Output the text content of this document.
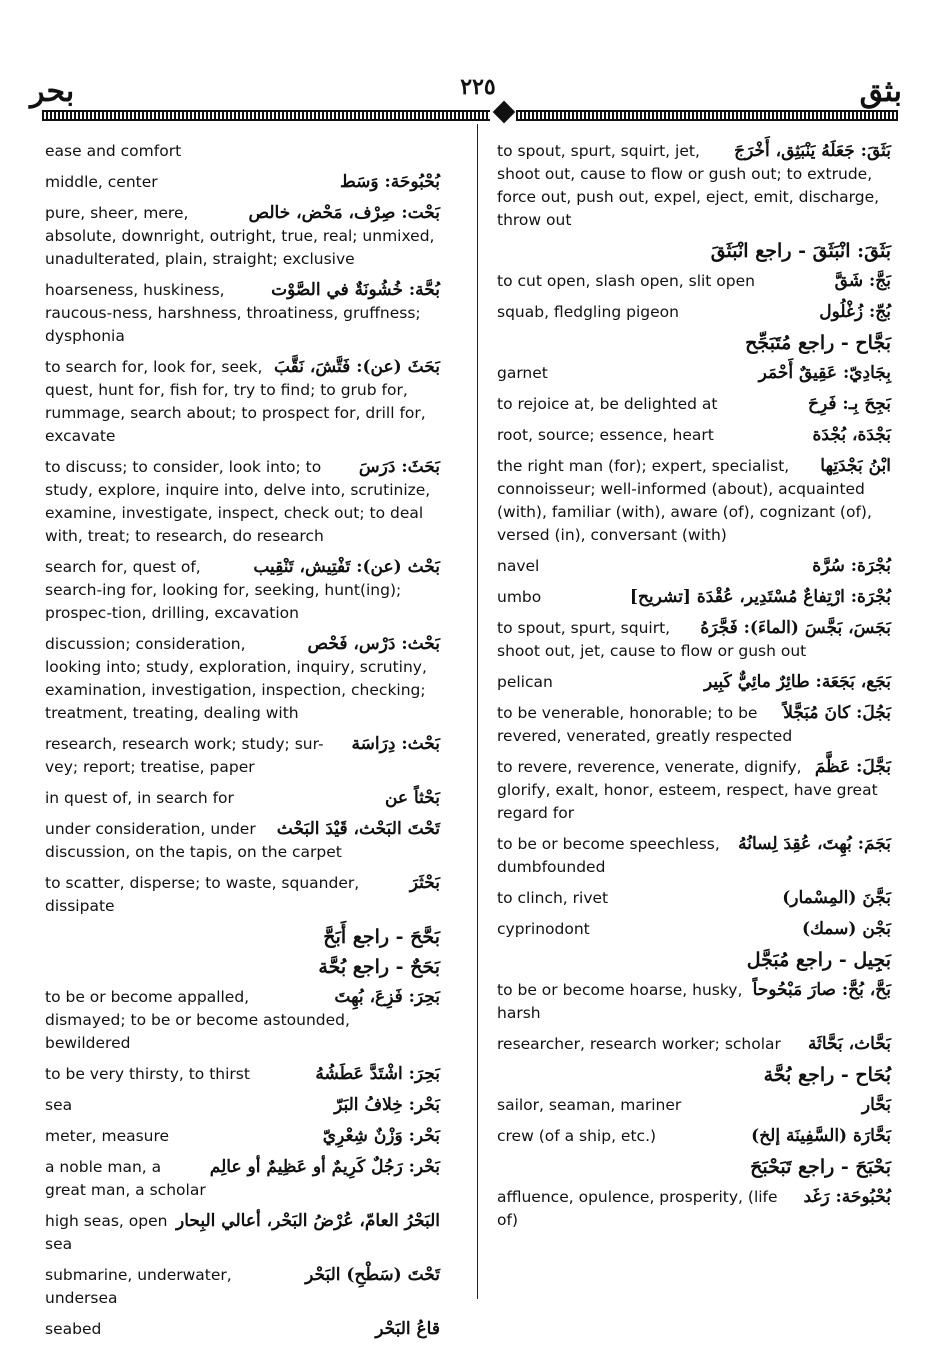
بحر	٢٢٥	بثق
ease and comfort
بُحْبُوحَة: وَسَط
middle, center
بَحْت: صِرْف، مَحْض، خالص
pure, sheer, mere, absolute, downright, outright, true, real; unmixed, unadulterated, plain, straight; exclusive
بُحَّة: خُشُونَةٌ في الصَّوْت
hoarseness, huskiness, raucous-ness, harshness, throatiness, gruffness; dysphonia
بَحَثَ (عن): فَتَّشَ، نَقَّبَ
to search for, look for, seek, quest, hunt for, fish for, try to find; to grub for, rummage, search about; to prospect for, drill for, excavate
بَحَثَ: دَرَسَ
to discuss; to consider, look into; to study, explore, inquire into, delve into, scrutinize, examine, investigate, inspect, check out; to deal with, treat; to research, do research
بَحْث (عن): تَفْتِيش، تَنْقِيب
search for, quest of, search-ing for, looking for, seeking, hunt(ing); prospec-tion, drilling, excavation
بَحْث: دَرْس، فَحْص
discussion; consideration, looking into; study, exploration, inquiry, scrutiny, examination, investigation, inspection, checking; treatment, treating, dealing with
بَحْث: دِرَاسَة
research, research work; study; sur-vey; report; treatise, paper
بَحْثاً عن
in quest of, in search for
تَحْتَ البَحْث، قَيْدَ البَحْث
under consideration, under discussion, on the tapis, on the carpet
بَحْثَرَ
to scatter, disperse; to waste, squander, dissipate
بَحَّحَ - راجع أَبَحَّ
بَحَحٌ - راجع بُحَّة
بَحِرَ: فَزِعَ، بُهِتَ
to be or become appalled, dismayed; to be or become astounded, bewildered
بَحِرَ: اشْتَدَّ عَطَشُهُ
to be very thirsty, to thirst
بَحْر: خِلافُ البَرّ
sea
بَحْر: وَزْنٌ شِعْرِيّ
meter, measure
بَحْر: رَجُلٌ كَرِيمٌ أو عَظِيمٌ أو عالِم
a noble man, a great man, a scholar
البَحْرُ العامّ، عُرْضُ البَحْر، أعالي البِحار
high seas, open sea
تَحْتَ (سَطْحِ) البَحْر
submarine, underwater, undersea
قاعُ البَحْر
seabed
بَثَقَ: جَعَلَهُ يَنْبَثِق، أَخْرَجَ
to spout, spurt, squirt, jet, shoot out, cause to flow or gush out; to extrude, force out, push out, expel, eject, emit, discharge, throw out
بَثَقَ: انْبَثَقَ - راجع انْبَثَقَ
بَجَّ: شَقَّ
to cut open, slash open, slit open
بُجّ: زُغْلُول
squab, fledgling pigeon
بَجَّاح - راجع مُتَبَجِّح
بِجَادِيّ: عَقِيقٌ أَحْمَر
garnet
بَجِحَ بِـ: فَرِحَ
to rejoice at, be delighted at
بَجْدَة، بُجْدَة
root, source; essence, heart
ابْنُ بَجْدَتِها
the right man (for); expert, specialist, connoisseur; well-informed (about), acquainted (with), familiar (with), aware (of), cognizant (of), versed (in), conversant (with)
بُجْرَة: سُرَّة
navel
بُجْرَة: ارْتِفاعٌ مُسْتَدِير، عُقْدَة [تشريح]
umbo
بَجَسَ، بَجَّسَ (الماءَ): فَجَّرَهُ
to spout, spurt, squirt, shoot out, jet, cause to flow or gush out
بَجَع، بَجَعَة: طائِرٌ مائِيٌّ كَبِير
pelican
بَجُلَ: كانَ مُبَجَّلاً
to be venerable, honorable; to be revered, venerated, greatly respected
بَجَّلَ: عَظَّمَ
to revere, reverence, venerate, dignify, glorify, exalt, honor, esteem, respect, have great regard for
بَجَمَ: بُهِتَ، عُقِدَ لِسانُهُ
to be or become speechless, dumbfounded
بَجَّنَ (المِسْمار)
to clinch, rivet
بَجْن (سمك)
cyprinodont
بَجِيل - راجع مُبَجَّل
بَحَّ، بُحَّ: صارَ مَبْحُوحاً
to be or become hoarse, husky, harsh
بَحَّاث، بَحَّاثَة
researcher, research worker; scholar
بُحَاح - راجع بُحَّة
بَحَّار
sailor, seaman, mariner
بَحَّارَة (السَّفِينَة إلخ)
crew (of a ship, etc.)
بَحْبَحَ - راجع تَبَحْبَحَ
بُحْبُوحَة: رَغَد
affluence, opulence, prosperity, (life of)
